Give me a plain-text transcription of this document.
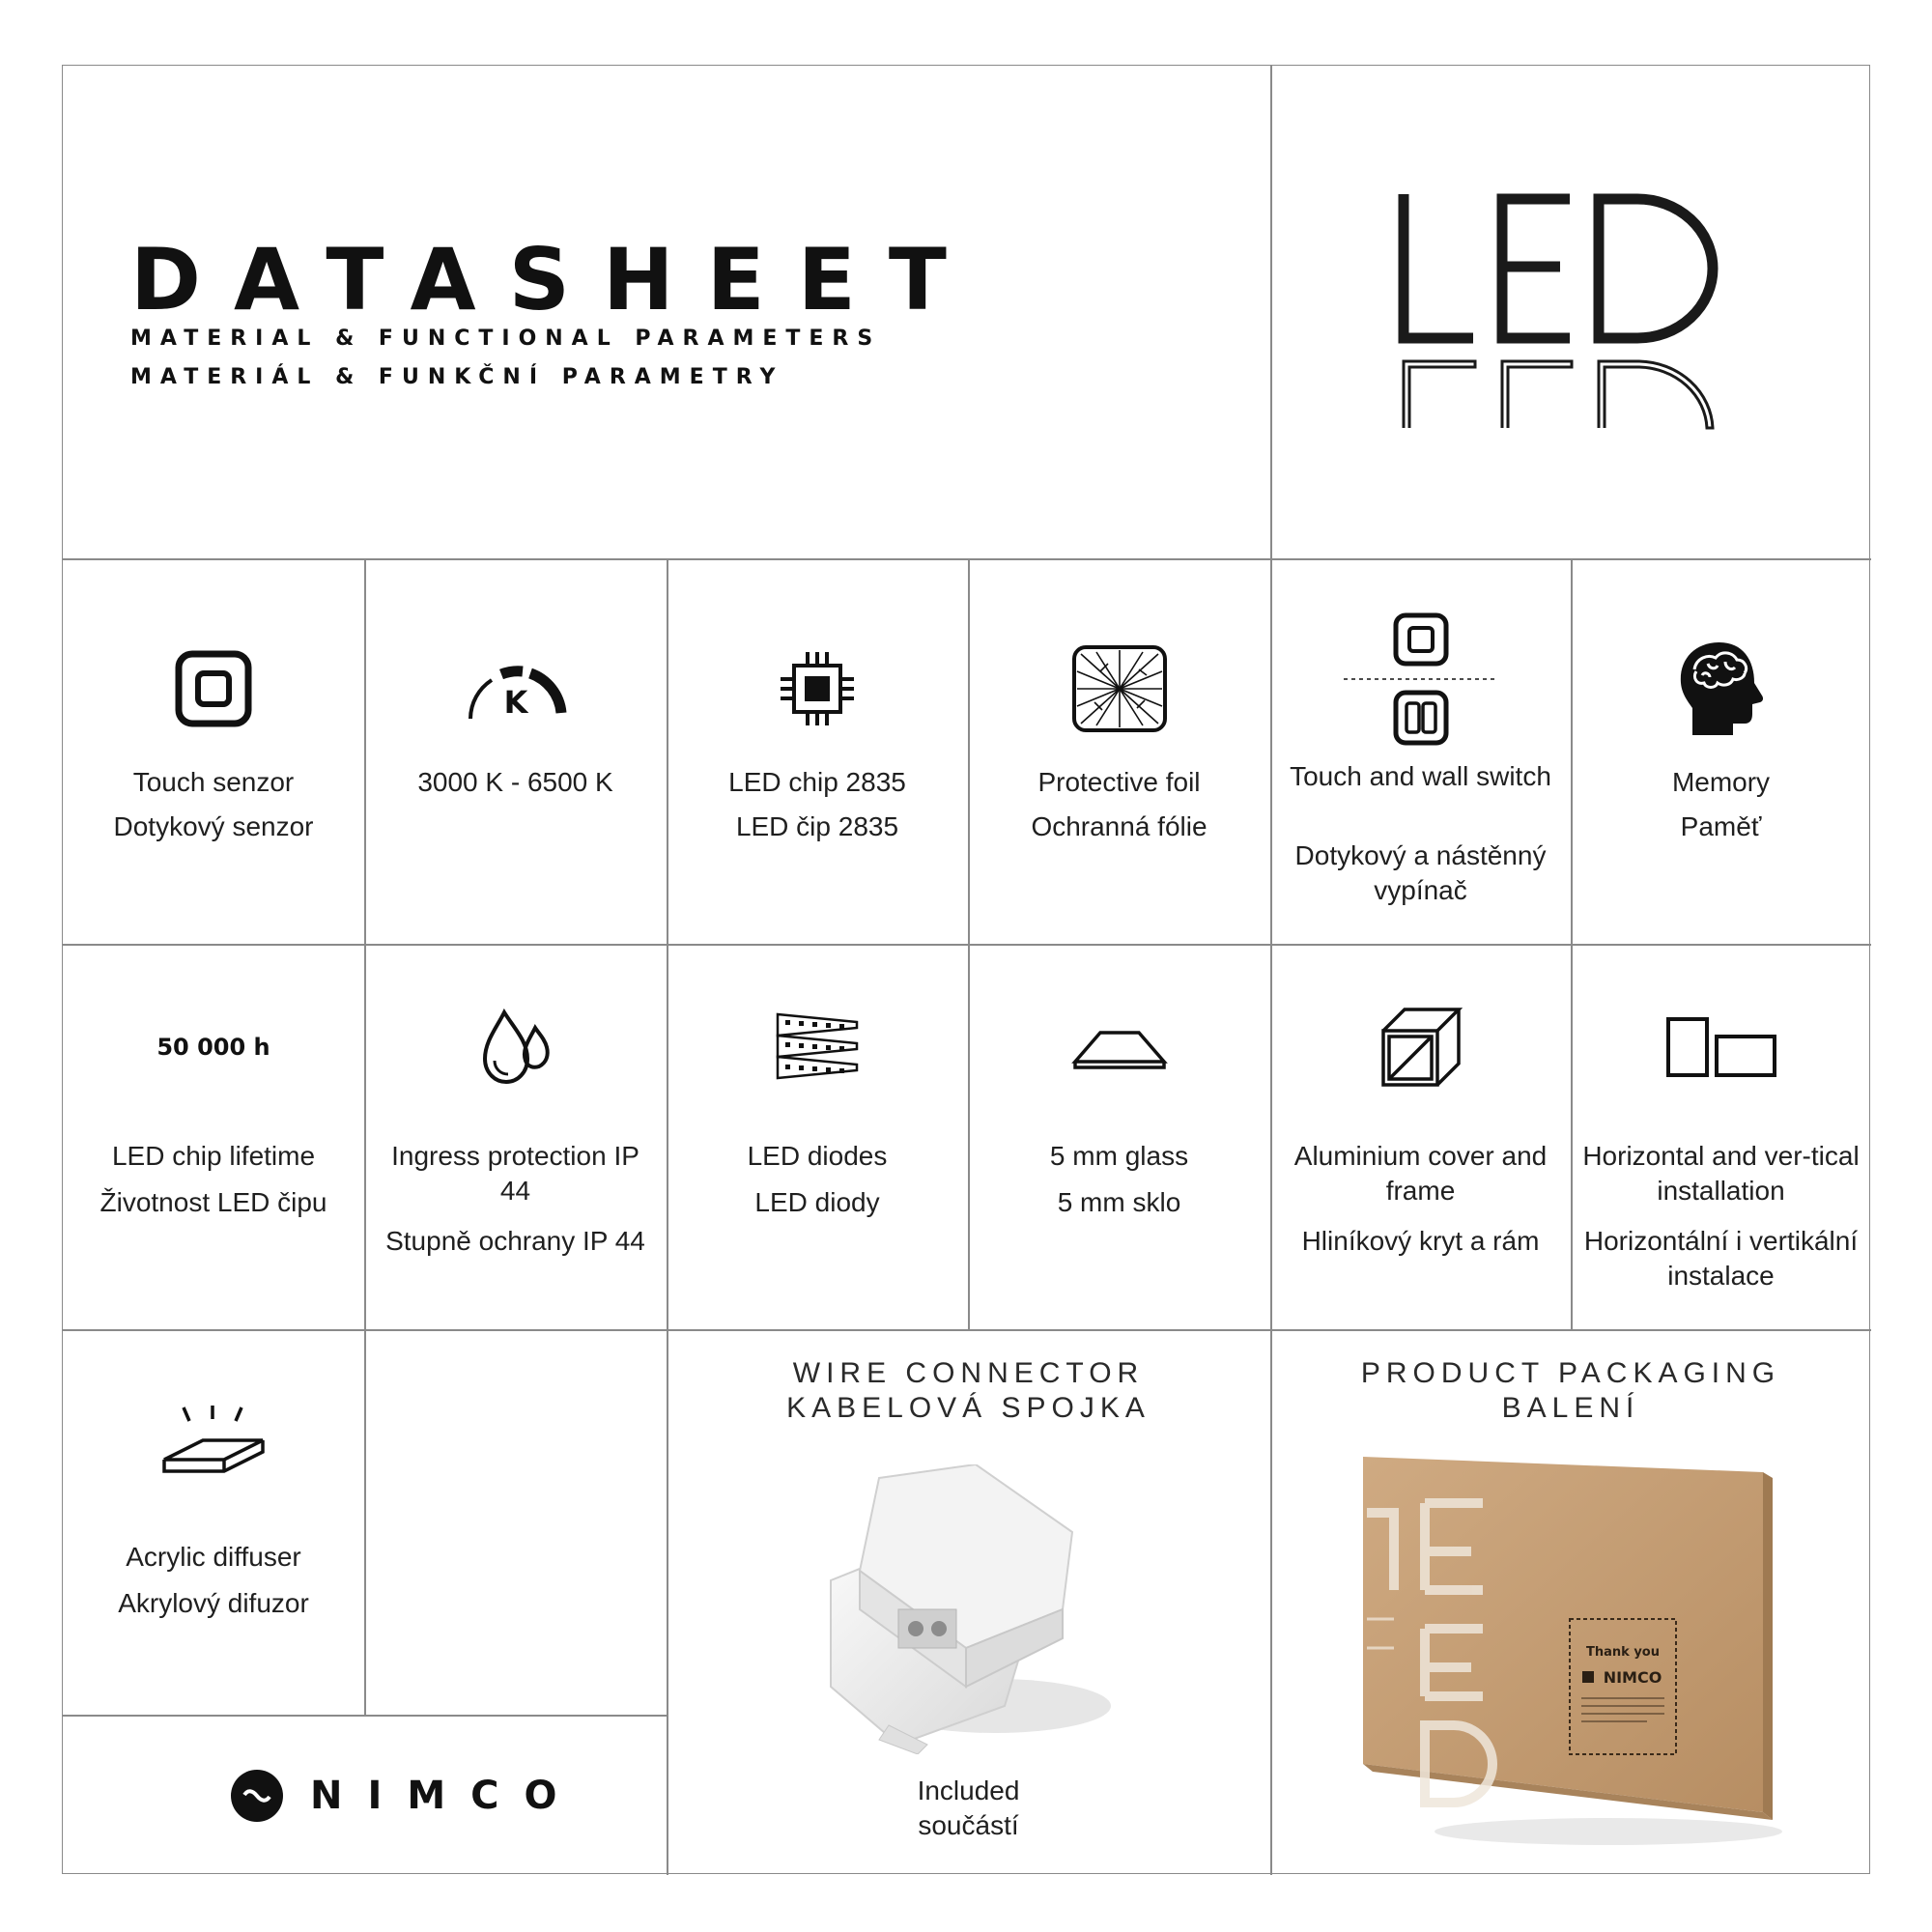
DATASHEET
MATERIAL & FUNCTIONAL PARAMETERS
MATERIÁL & FUNKČNÍ PARAMETRY
Touch senzor
Dotykový senzor
K
3000 K - 6500 K	LED chip 2835
LED čip 2835
Protective foil
Ochranná fólie
Touch and wall switch
Dotykový a nástěnný vypínač
Memory
Paměť
50 000 h
LED chip lifetime
Životnost LED čipu
Ingress protection IP 44
Stupně ochrany IP 44
LED diodes
LED diody
5 mm glass
5 mm sklo
Aluminium cover and frame
Hliníkový kryt a rám
Horizontal and ver-tical installation
Horizontální i vertikální instalace
Acrylic diffuser
Akrylový difuzor
WIRE CONNECTOR
KABELOVÁ SPOJKA
Included
součástí
PRODUCT PACKAGING
BALENÍ
Thank you
NIMCO
NIMCO
